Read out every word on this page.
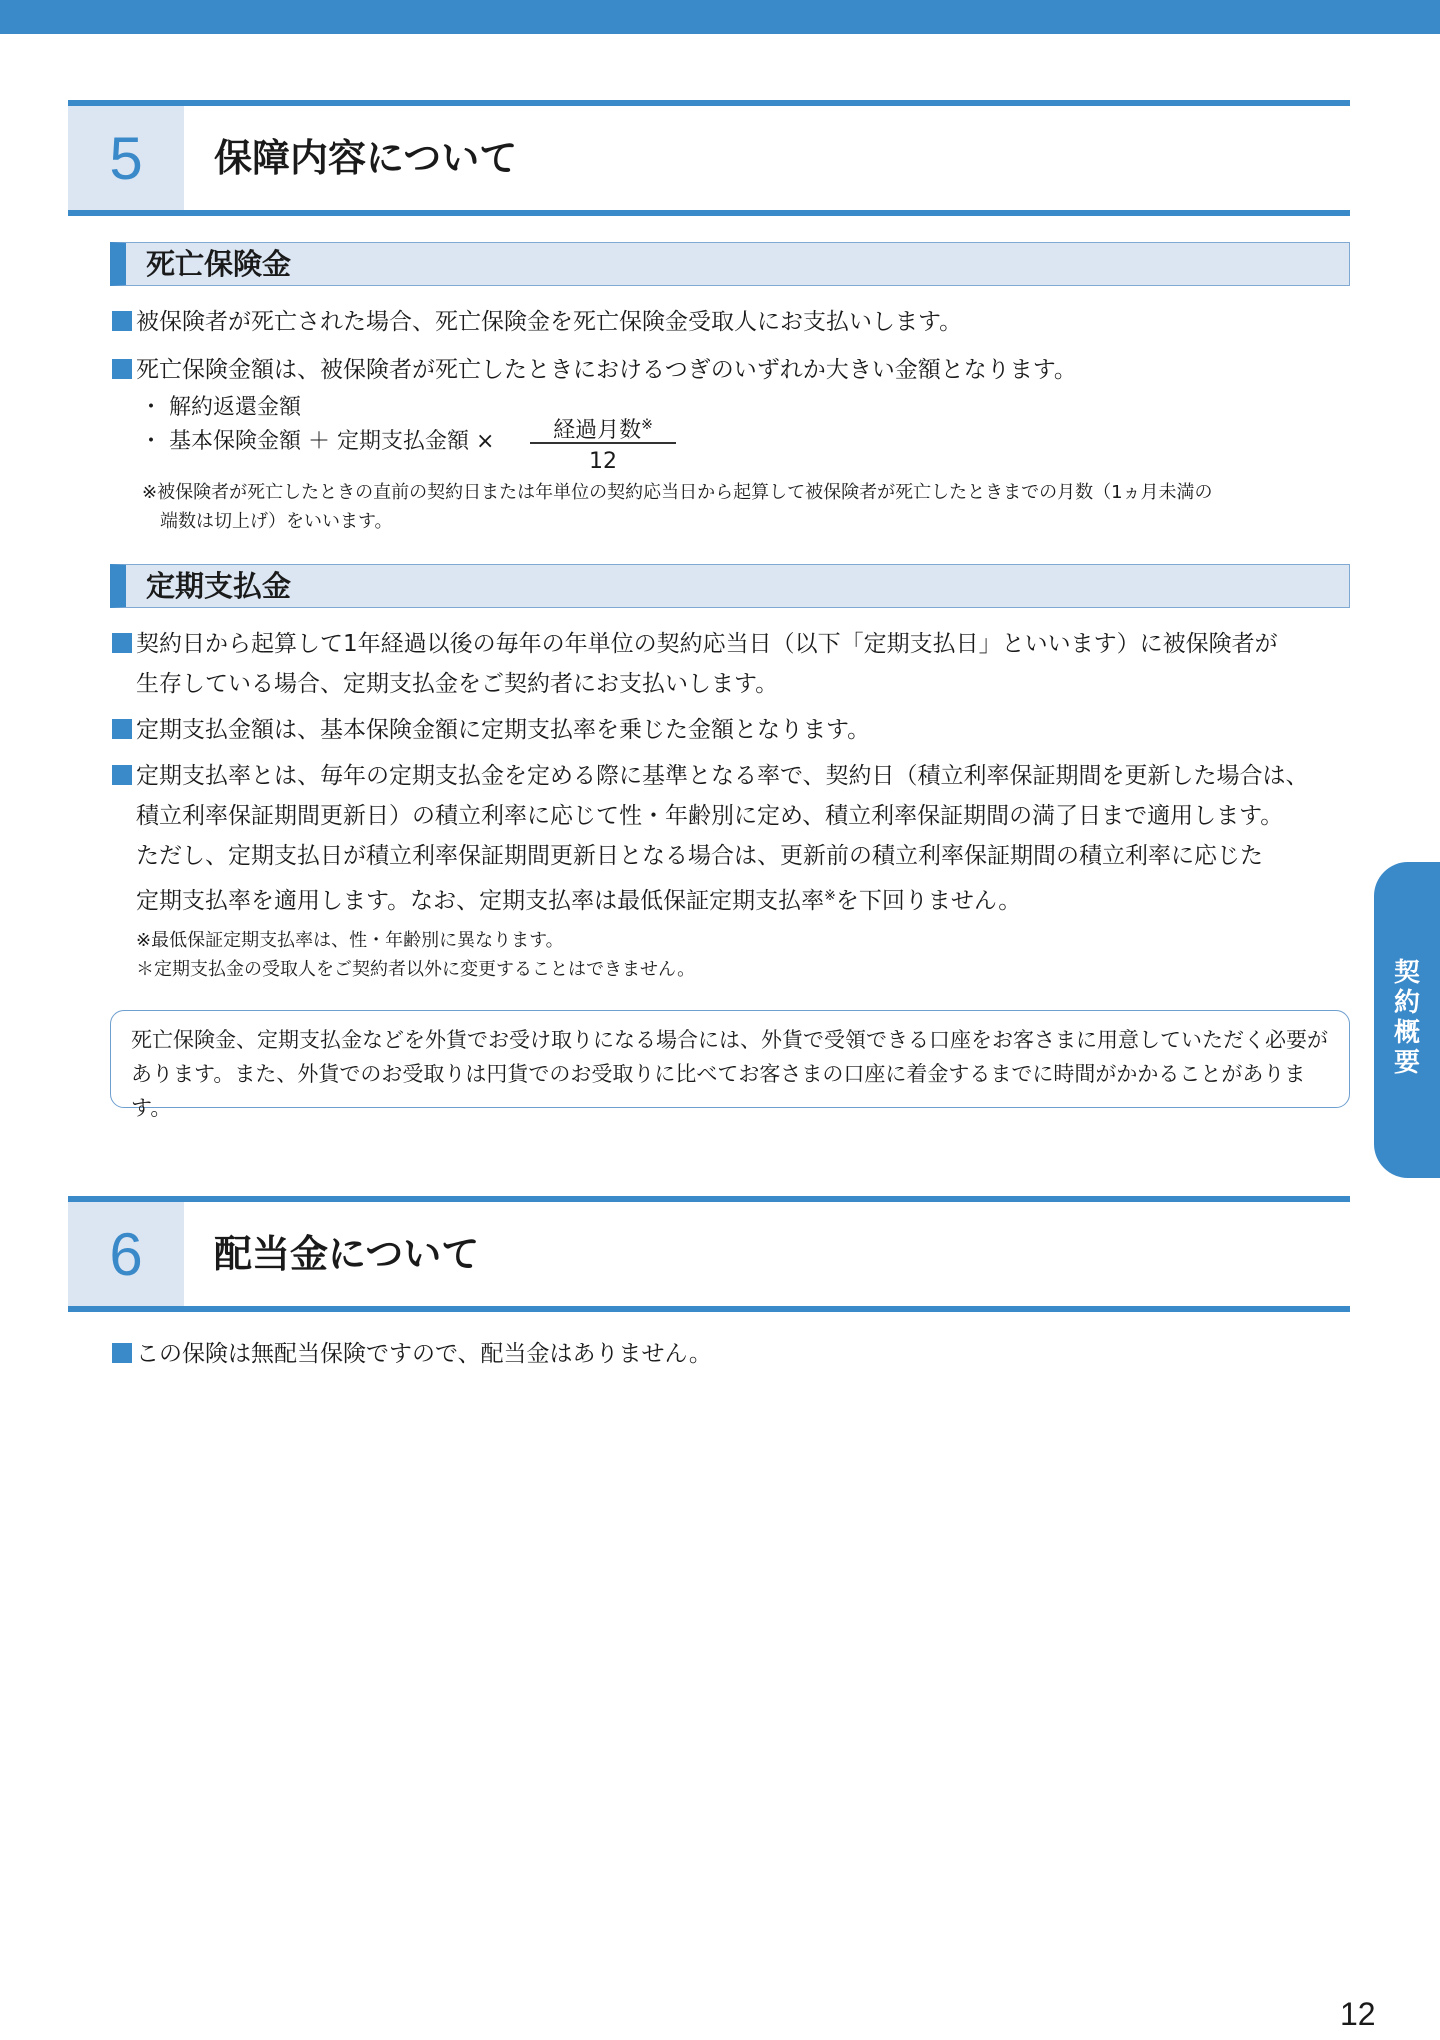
5	保障内容について
死亡保険金
被保険者が死亡された場合、死亡保険金を死亡保険金受取人にお支払いします。
死亡保険金額は、被保険者が死亡したときにおけるつぎのいずれか大きい金額となります。
・ 解約返還金額
・ 基本保険金額 ＋ 定期支払金額 ×	経過月数※
12
※被保険者が死亡したときの直前の契約日または年単位の契約応当日から起算して被保険者が死亡したときまでの月数（1ヵ月未満の
端数は切上げ）をいいます。
定期支払金
契約日から起算して1年経過以後の毎年の年単位の契約応当日（以下「定期支払日」といいます）に被保険者が
生存している場合、定期支払金をご契約者にお支払いします。
定期支払金額は、基本保険金額に定期支払率を乗じた金額となります。
定期支払率とは、毎年の定期支払金を定める際に基準となる率で、契約日（積立利率保証期間を更新した場合は、
積立利率保証期間更新日）の積立利率に応じて性・年齢別に定め、積立利率保証期間の満了日まで適用します。
ただし、定期支払日が積立利率保証期間更新日となる場合は、更新前の積立利率保証期間の積立利率に応じた
定期支払率を適用します。なお、定期支払率は最低保証定期支払率※を下回りません。
※最低保証定期支払率は、性・年齢別に異なります。
＊定期支払金の受取人をご契約者以外に変更することはできません。
死亡保険金、定期支払金などを外貨でお受け取りになる場合には、外貨で受領できる口座をお客さまに用意していただく必要が
あります。また、外貨でのお受取りは円貨でのお受取りに比べてお客さまの口座に着金するまでに時間がかかることがあります。
6	配当金について
この保険は無配当保険ですので、配当金はありません。
契
約
概
要
12
